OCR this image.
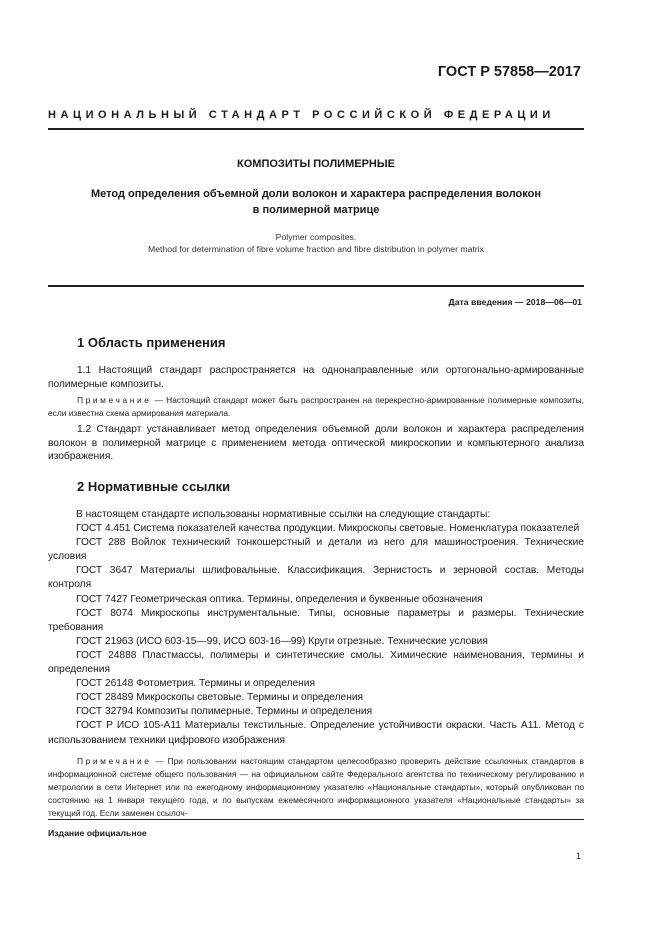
ГОСТ Р 57858—2017
НАЦИОНАЛЬНЫЙ СТАНДАРТ РОССИЙСКОЙ ФЕДЕРАЦИИ
КОМПОЗИТЫ ПОЛИМЕРНЫЕ
Метод определения объемной доли волокон и характера распределения волокон
в полимерной матрице
Polymer composites.
Method for determination of fibre volume fraction and fibre distribution in polymer matrix
Дата введения — 2018—06—01
1 Область применения
1.1 Настоящий стандарт распространяется на однонаправленные или ортогонально-армированные полимерные композиты.
Примечание — Настоящий стандарт может быть распространен на перекрестно-армированные полимерные композиты, если известна схема армирования материала.
1.2 Стандарт устанавливает метод определения объемной доли волокон и характера распределения волокон в полимерной матрице с применением метода оптической микроскопии и компьютерного анализа изображения.
2 Нормативные ссылки
В настоящем стандарте использованы нормативные ссылки на следующие стандарты:
ГОСТ 4.451 Система показателей качества продукции. Микроскопы световые. Номенклатура показателей
ГОСТ 288 Войлок технический тонкошерстный и детали из него для машиностроения. Технические условия
ГОСТ 3647 Материалы шлифовальные. Классификация. Зернистость и зерновой состав. Методы контроля
ГОСТ 7427 Геометрическая оптика. Термины, определения и буквенные обозначения
ГОСТ 8074 Микроскопы инструментальные. Типы, основные параметры и размеры. Технические требования
ГОСТ 21963 (ИСО 603-15—99, ИСО 603-16—99) Круги отрезные. Технические условия
ГОСТ 24888 Пластмассы, полимеры и синтетические смолы. Химические наименования, термины и определения
ГОСТ 26148 Фотометрия. Термины и определения
ГОСТ 28489 Микроскопы световые. Термины и определения
ГОСТ 32794 Композиты полимерные. Термины и определения
ГОСТ Р ИСО 105-A11 Материалы текстильные. Определение устойчивости окраски. Часть A11. Метод с использованием техники цифрового изображения
Примечание — При пользовании настоящим стандартом целесообразно проверить действие ссылочных стандартов в информационной системе общего пользования — на официальном сайте Федерального агентства по техническому регулированию и метрологии в сети Интернет или по ежегодному информационному указателю «Национальные стандарты», который опубликован по состоянию на 1 января текущего года, и по выпускам ежемесячного информационного указателя «Национальные стандарты» за текущий год. Если заменен ссылоч-
Издание официальное
1
